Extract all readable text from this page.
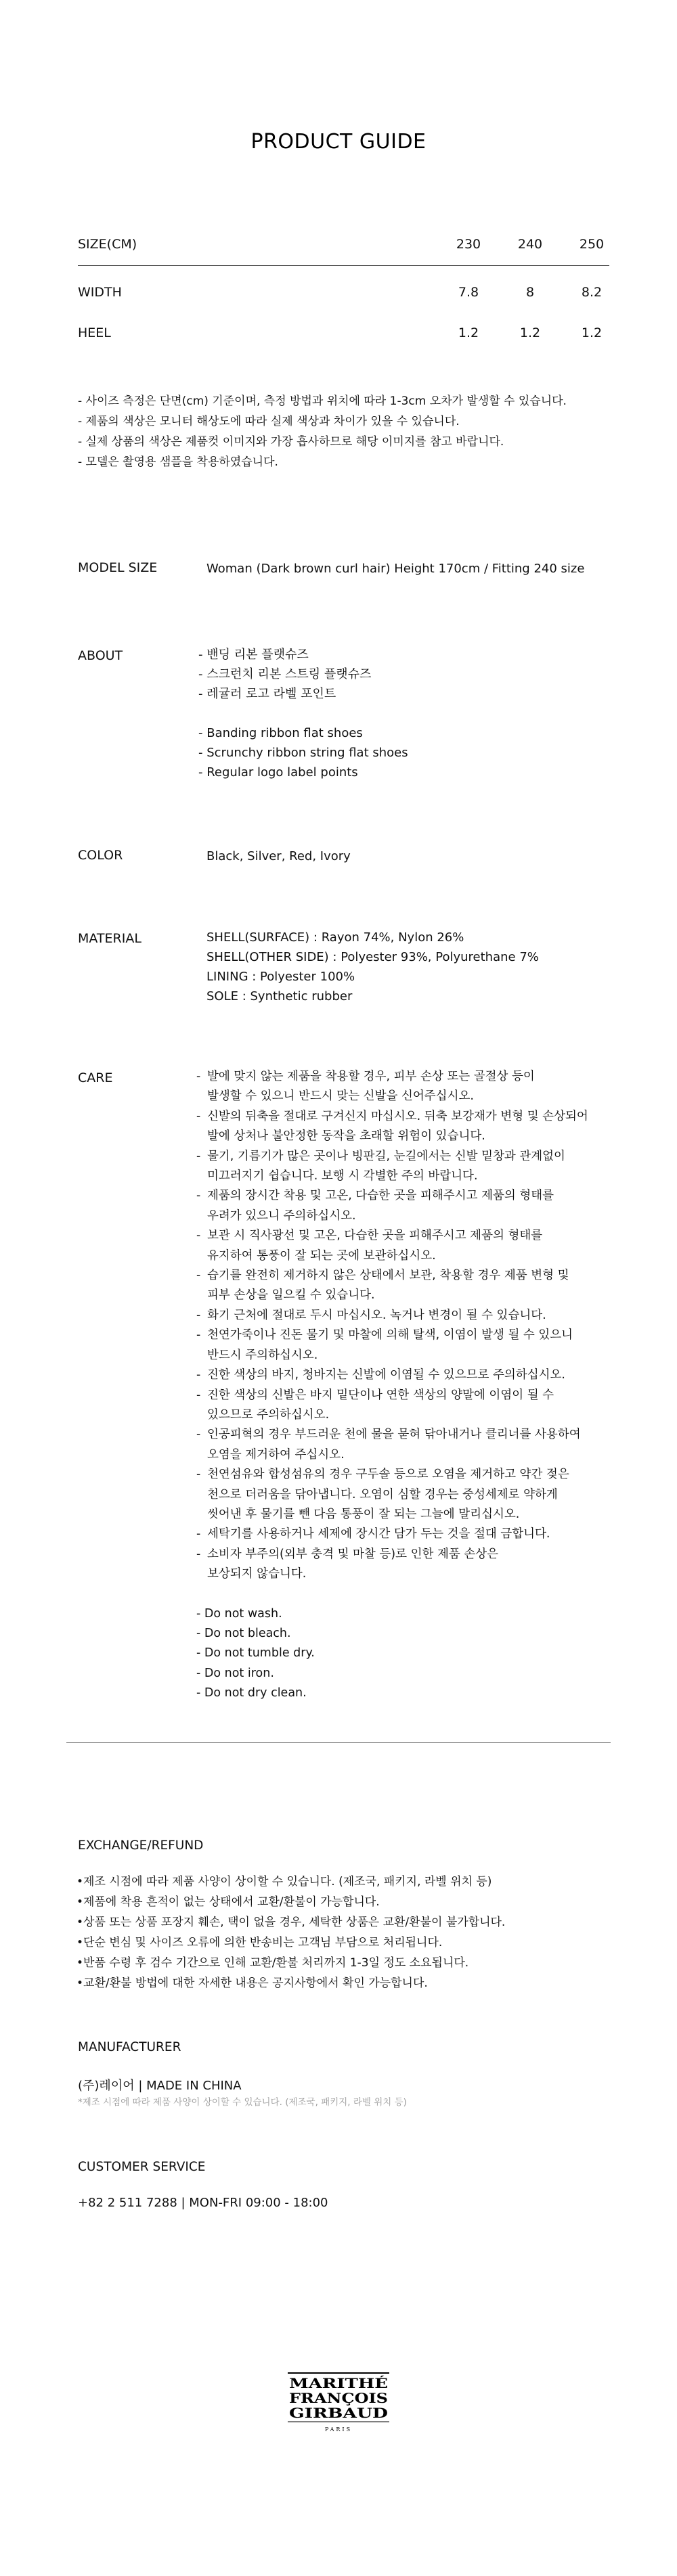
PRODUCT GUIDE
SIZE(CM)	230	240	250
WIDTH	7.8	8	8.2
HEEL	1.2	1.2	1.2
- 사이즈 측정은 단면(cm) 기준이며, 측정 방법과 위치에 따라 1-3cm 오차가 발생할 수 있습니다.
- 제품의 색상은 모니터 해상도에 따라 실제 색상과 차이가 있을 수 있습니다.
- 실제 상품의 색상은 제품컷 이미지와 가장 흡사하므로 해당 이미지를 참고 바랍니다.
- 모델은 촬영용 샘플을 착용하였습니다.
MODEL SIZE	Woman (Dark brown curl hair) Height 170cm / Fitting 240 size
ABOUT	- 밴딩 리본 플랫슈즈
- 스크런치 리본 스트링 플랫슈즈
- 레귤러 로고 라벨 포인트
- Banding ribbon flat shoes
- Scrunchy ribbon string flat shoes
- Regular logo label points
COLOR	Black, Silver, Red, Ivory
MATERIAL	SHELL(SURFACE) : Rayon 74%, Nylon 26%
SHELL(OTHER SIDE) : Polyester 93%, Polyurethane 7%
LINING : Polyester 100%
SOLE : Synthetic rubber
CARE	- 발에 맞지 않는 제품을 착용할 경우, 피부 손상 또는 골절상 등이
발생할 수 있으니 반드시 맞는 신발을 신어주십시오.
- 신발의 뒤축을 절대로 구겨신지 마십시오. 뒤축 보강재가 변형 및 손상되어
발에 상처나 불안정한 동작을 초래할 위험이 있습니다.
- 물기, 기름기가 많은 곳이나 빙판길, 눈길에서는 신발 밑창과 관계없이
미끄러지기 쉽습니다. 보행 시 각별한 주의 바랍니다.
- 제품의 장시간 착용 및 고온, 다습한 곳을 피해주시고 제품의 형태를
우려가 있으니 주의하십시오.
- 보관 시 직사광선 및 고온, 다습한 곳을 피해주시고 제품의 형태를
유지하여 통풍이 잘 되는 곳에 보관하십시오.
- 습기를 완전히 제거하지 않은 상태에서 보관, 착용할 경우 제품 변형 및
피부 손상을 일으킬 수 있습니다.
- 화기 근처에 절대로 두시 마십시오. 녹거나 변경이 될 수 있습니다.
- 천연가죽이나 진돈 물기 및 마찰에 의해 탈색, 이염이 발생 될 수 있으니
반드시 주의하십시오.
- 진한 색상의 바지, 청바지는 신발에 이염될 수 있으므로 주의하십시오.
- 진한 색상의 신발은 바지 밑단이나 연한 색상의 양말에 이염이 될 수
있으므로 주의하십시오.
- 인공피혁의 경우 부드러운 천에 물을 묻혀 닦아내거나 클리너를 사용하여
오염을 제거하여 주십시오.
- 천연섬유와 합성섬유의 경우 구두솔 등으로 오염을 제거하고 약간 젖은
천으로 더러움을 닦아냅니다. 오염이 심할 경우는 중성세제로 약하게
씻어낸 후 물기를 뺀 다음 통풍이 잘 되는 그늘에 말리십시오.
- 세탁기를 사용하거나 세제에 장시간 담가 두는 것을 절대 금합니다.
- 소비자 부주의(외부 충격 및 마찰 등)로 인한 제품 손상은
보상되지 않습니다.
- Do not wash.
- Do not bleach.
- Do not tumble dry.
- Do not iron.
- Do not dry clean.
EXCHANGE/REFUND
•제조 시점에 따라 제품 사양이 상이할 수 있습니다. (제조국, 패키지, 라벨 위치 등)
•제품에 착용 흔적이 없는 상태에서 교환/환불이 가능합니다.
•상품 또는 상품 포장지 훼손, 택이 없을 경우, 세탁한 상품은 교환/환불이 불가합니다.
•단순 변심 및 사이즈 오류에 의한 반송비는 고객님 부담으로 처리됩니다.
•반품 수령 후 검수 기간으로 인해 교환/환불 처리까지 1-3일 정도 소요됩니다.
•교환/환불 방법에 대한 자세한 내용은 공지사항에서 확인 가능합니다.
MANUFACTURER
(주)레이어 | MADE IN CHINA
*제조 시점에 따라 제품 사양이 상이할 수 있습니다. (제조국, 패키지, 라벨 위치 등)
CUSTOMER SERVICE
+82 2 511 7288 | MON-FRI 09:00 - 18:00
MARITHÉ
FRANÇOIS
GIRBAUD
PARIS
